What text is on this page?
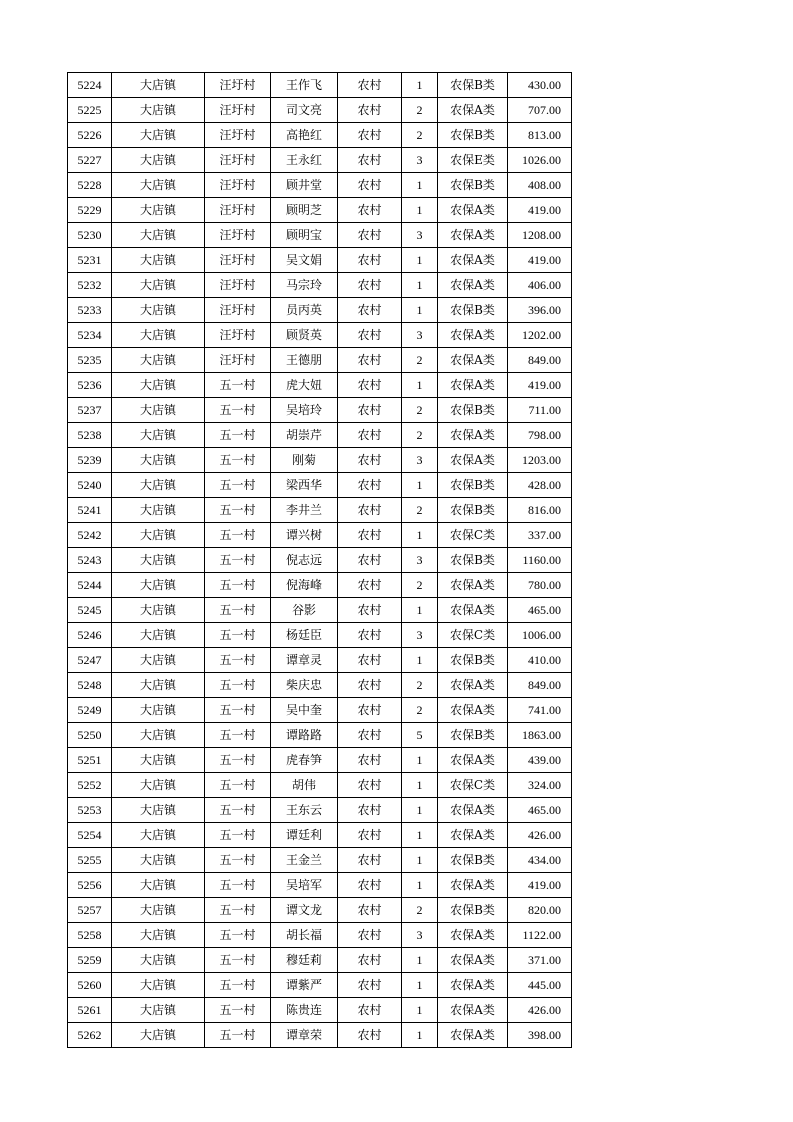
5224	大店镇	汪圩村	王作飞	农村	1	农保B类	430.00
5225	大店镇	汪圩村	司文亮	农村	2	农保A类	707.00
5226	大店镇	汪圩村	高艳红	农村	2	农保B类	813.00
5227	大店镇	汪圩村	王永红	农村	3	农保E类	1026.00
5228	大店镇	汪圩村	顾井堂	农村	1	农保B类	408.00
5229	大店镇	汪圩村	顾明芝	农村	1	农保A类	419.00
5230	大店镇	汪圩村	顾明宝	农村	3	农保A类	1208.00
5231	大店镇	汪圩村	吴文娟	农村	1	农保A类	419.00
5232	大店镇	汪圩村	马宗玲	农村	1	农保A类	406.00
5233	大店镇	汪圩村	员丙英	农村	1	农保B类	396.00
5234	大店镇	汪圩村	顾贤英	农村	3	农保A类	1202.00
5235	大店镇	汪圩村	王德朋	农村	2	农保A类	849.00
5236	大店镇	五一村	虎大妞	农村	1	农保A类	419.00
5237	大店镇	五一村	吴培玲	农村	2	农保B类	711.00
5238	大店镇	五一村	胡崇芹	农村	2	农保A类	798.00
5239	大店镇	五一村	刚菊	农村	3	农保A类	1203.00
5240	大店镇	五一村	梁西华	农村	1	农保B类	428.00
5241	大店镇	五一村	李井兰	农村	2	农保B类	816.00
5242	大店镇	五一村	谭兴树	农村	1	农保C类	337.00
5243	大店镇	五一村	倪志远	农村	3	农保B类	1160.00
5244	大店镇	五一村	倪海峰	农村	2	农保A类	780.00
5245	大店镇	五一村	谷影	农村	1	农保A类	465.00
5246	大店镇	五一村	杨廷臣	农村	3	农保C类	1006.00
5247	大店镇	五一村	谭章灵	农村	1	农保B类	410.00
5248	大店镇	五一村	柴庆忠	农村	2	农保A类	849.00
5249	大店镇	五一村	吴中奎	农村	2	农保A类	741.00
5250	大店镇	五一村	谭路路	农村	5	农保B类	1863.00
5251	大店镇	五一村	虎春笋	农村	1	农保A类	439.00
5252	大店镇	五一村	胡伟	农村	1	农保C类	324.00
5253	大店镇	五一村	王东云	农村	1	农保A类	465.00
5254	大店镇	五一村	谭廷利	农村	1	农保A类	426.00
5255	大店镇	五一村	王金兰	农村	1	农保B类	434.00
5256	大店镇	五一村	吴培军	农村	1	农保A类	419.00
5257	大店镇	五一村	谭文龙	农村	2	农保B类	820.00
5258	大店镇	五一村	胡长福	农村	3	农保A类	1122.00
5259	大店镇	五一村	穆廷莉	农村	1	农保A类	371.00
5260	大店镇	五一村	谭紫严	农村	1	农保A类	445.00
5261	大店镇	五一村	陈贵连	农村	1	农保A类	426.00
5262	大店镇	五一村	谭章荣	农村	1	农保A类	398.00
